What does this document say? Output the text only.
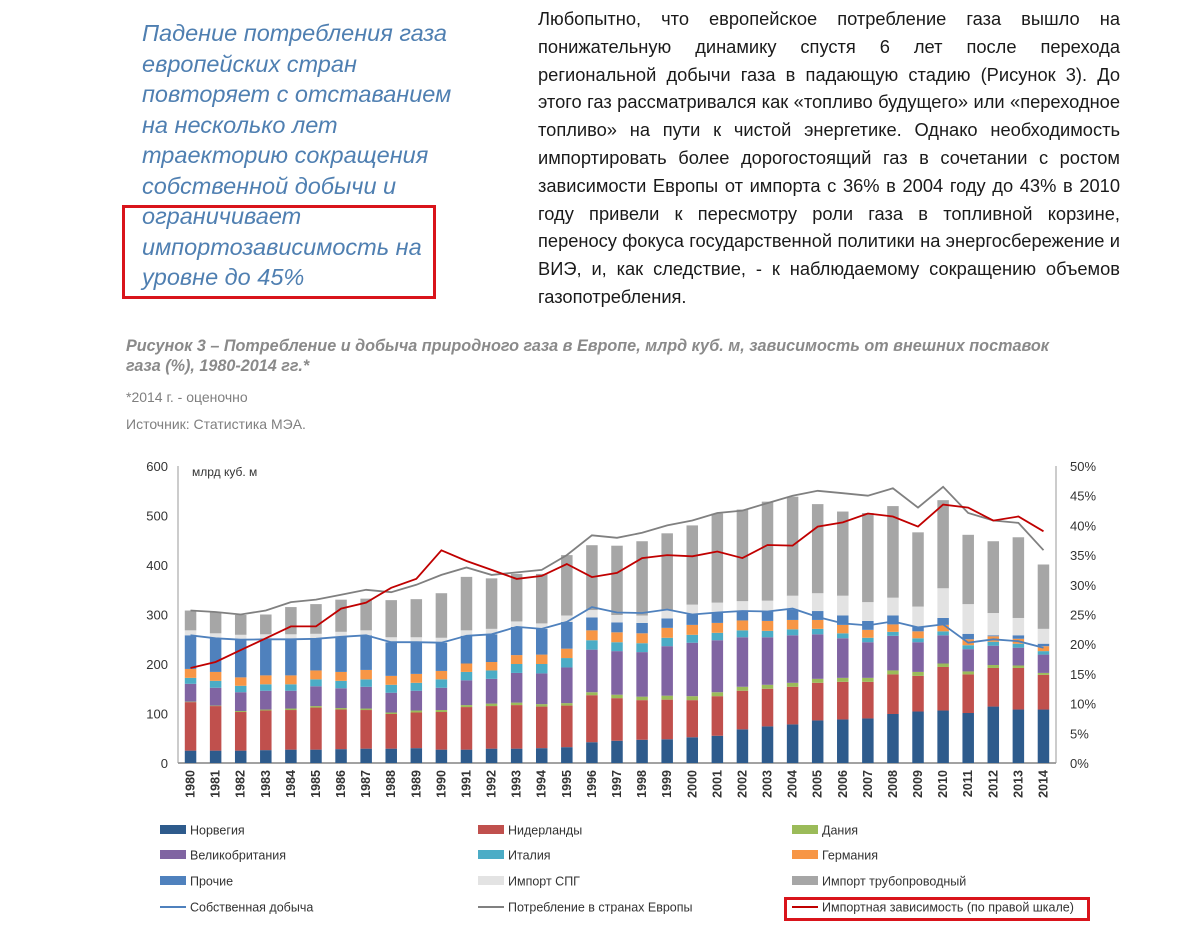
Падение потребления газа
европейских стран
повторяет с отставанием
на несколько лет
траекторию сокращения
собственной добычи и
ограничивает
импортозависимость на
уровне до 45%
Любопытно, что европейское потребление газа вышло на понижательную динамику спустя 6 лет после перехода региональной добычи газа в падающую стадию (Рисунок 3). До этого газ рассматривался как «топливо будущего» или «переходное топливо» на пути к чистой энергетике. Однако необходимость импортировать более дорогостоящий газ в сочетании с ростом зависимости Европы от импорта с 36% в 2004 году до 43% в 2010 году привели к пересмотру роли газа в топливной корзине, переносу фокуса государственной политики на энергосбережение и ВИЭ, и, как следствие, - к наблюдаемому сокращению объемов газопотребления.
Рисунок 3 – Потребление и добыча природного газа в Европе, млрд куб. м, зависимость от внешних поставок газа (%), 1980-2014 гг.*
*2014 г. - оценочно
Источник: Статистика МЭА.
0
100
200
300
400
500
600
0%
5%
10%
15%
20%
25%
30%
35%
40%
45%
50%
млрд куб. м
1980 1981 1982 1983 1984 1985 1986 1987 1988 1989 1990 1991 1992 1993 1994 1995 1996 1997 1998 1999 2000 2001 2002 2003 2004 2005 2006 2007 2008 2009 2010 2011 2012 2013 2014
Норвегия	Нидерланды	Дания
Великобритания	Италия	Германия
Прочие	Импорт СПГ	Импорт трубопроводный
Собственная добыча	Потребление в странах Европы	Импортная зависимость (по правой шкале)
